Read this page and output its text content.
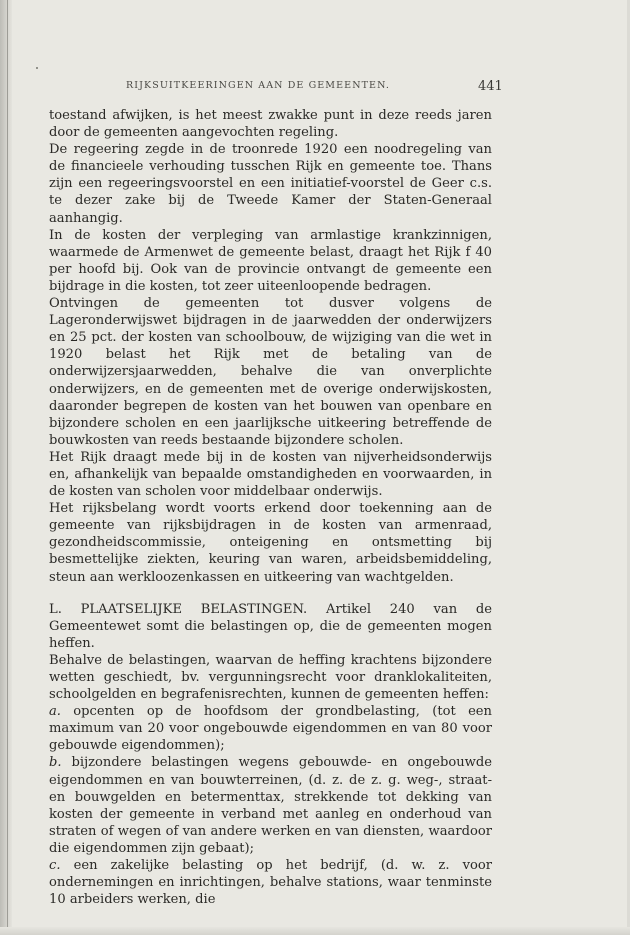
RIJKSUITKEERINGEN AAN DE GEMEENTEN.	441

toestand afwijken, is het meest zwakke punt in deze reeds jaren door de gemeenten aangevochten regeling.

De regeering zegde in de troonrede 1920 een noodregeling van de financieele verhouding tusschen Rijk en gemeente toe. Thans zijn een regeeringsvoorstel en een initiatief-voorstel de Geer c.s. te dezer zake bij de Tweede Kamer der Staten-Generaal aanhangig.

In de kosten der verpleging van armlastige krankzinnigen, waarmede de Armenwet de gemeente belast, draagt het Rijk f 40 per hoofd bij. Ook van de provincie ontvangt de gemeente een bijdrage in die kosten, tot zeer uiteenloopende bedragen.

Ontvingen de gemeenten tot dusver volgens de Lageronderwijswet bijdragen in de jaarwedden der onderwijzers en 25 pct. der kosten van schoolbouw, de wijziging van die wet in 1920 belast het Rijk met de betaling van de onderwijzersjaarwedden, behalve die van onverplichte onderwijzers, en de gemeenten met de overige onderwijskosten, daaronder begrepen de kosten van het bouwen van openbare en bijzondere scholen en een jaarlijksche uitkeering betreffende de bouwkosten van reeds bestaande bijzondere scholen.

Het Rijk draagt mede bij in de kosten van nijverheidsonderwijs en, afhankelijk van bepaalde omstandigheden en voorwaarden, in de kosten van scholen voor middelbaar onderwijs.

Het rijksbelang wordt voorts erkend door toekenning aan de gemeente van rijksbijdragen in de kosten van armenraad, gezondheidscommissie, onteigening en ontsmetting bij besmettelijke ziekten, keuring van waren, arbeidsbemiddeling, steun aan werkloozenkassen en uitkeering van wachtgelden.

L. PLAATSELIJKE BELASTINGEN. Artikel 240 van de Gemeentewet somt die belastingen op, die de gemeenten mogen heffen.

Behalve de belastingen, waarvan de heffing krachtens bijzondere wetten geschiedt, bv. vergunningsrecht voor dranklokaliteiten, schoolgelden en begrafenisrechten, kunnen de gemeenten heffen:

a. opcenten op de hoofdsom der grondbelasting, (tot een maximum van 20 voor ongebouwde eigendommen en van 80 voor gebouwde eigendommen);

b. bijzondere belastingen wegens gebouwde- en ongebouwde eigendommen en van bouwterreinen, (d. z. de z. g. weg-, straat- en bouwgelden en betermenttax, strekkende tot dekking van kosten der gemeente in verband met aanleg en onderhoud van straten of wegen of van andere werken en van diensten, waardoor die eigendommen zijn gebaat);

c. een zakelijke belasting op het bedrijf, (d. w. z. voor ondernemingen en inrichtingen, behalve stations, waar tenminste 10 arbeiders werken, die
